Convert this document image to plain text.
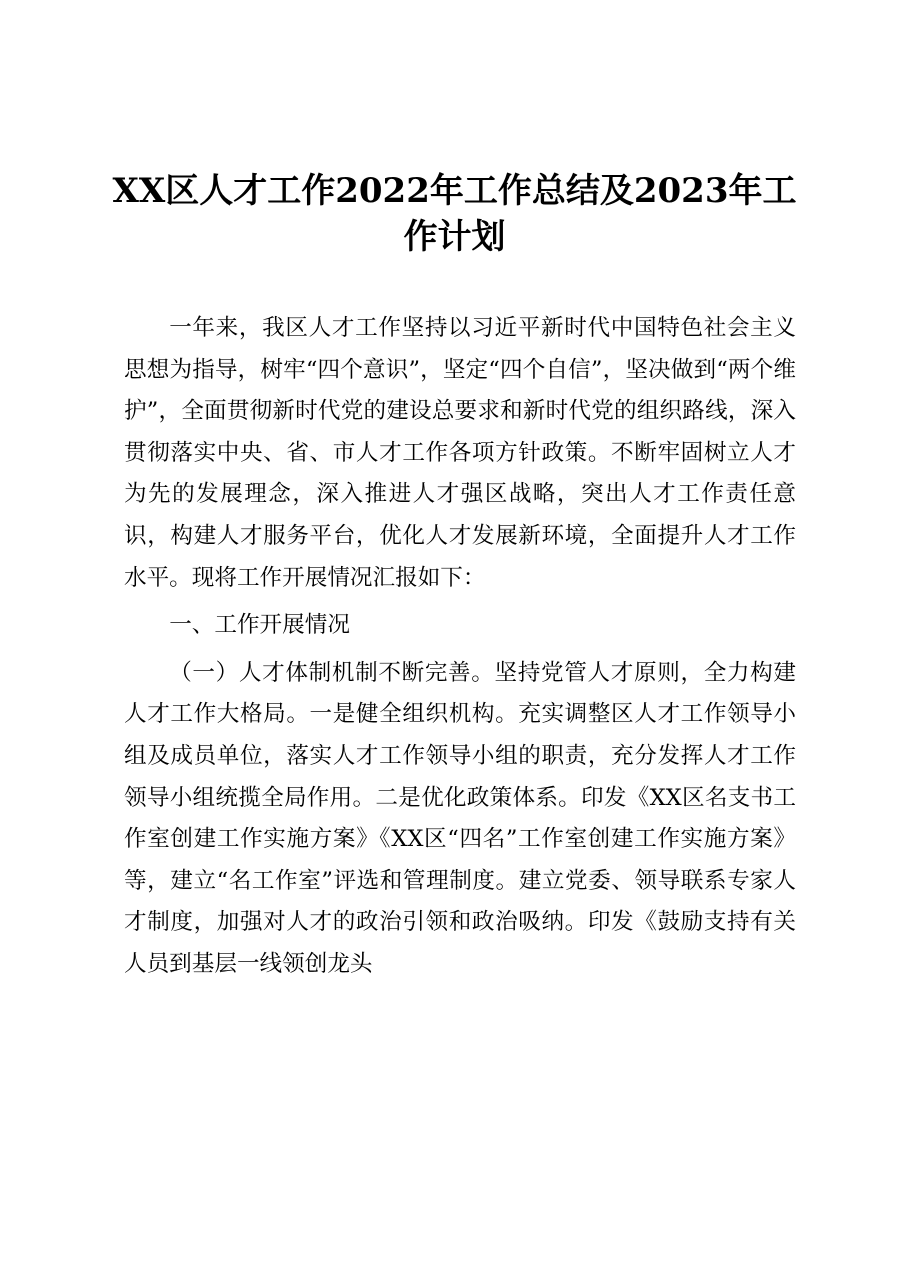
XX区人才工作2022年工作总结及2023年工作计划

一年来，我区人才工作坚持以习近平新时代中国特色社会主义思想为指导，树牢“四个意识”，坚定“四个自信”，坚决做到“两个维护”，全面贯彻新时代党的建设总要求和新时代党的组织路线，深入贯彻落实中央、省、市人才工作各项方针政策。不断牢固树立人才为先的发展理念，深入推进人才强区战略，突出人才工作责任意识，构建人才服务平台，优化人才发展新环境，全面提升人才工作水平。现将工作开展情况汇报如下：

一、工作开展情况

（一）人才体制机制不断完善。坚持党管人才原则，全力构建人才工作大格局。一是健全组织机构。充实调整区人才工作领导小组及成员单位，落实人才工作领导小组的职责，充分发挥人才工作领导小组统揽全局作用。二是优化政策体系。印发《XX区名支书工作室创建工作实施方案》《XX区“四名”工作室创建工作实施方案》等，建立“名工作室”评选和管理制度。建立党委、领导联系专家人才制度，加强对人才的政治引领和政治吸纳。印发《鼓励支持有关人员到基层一线领创龙头
